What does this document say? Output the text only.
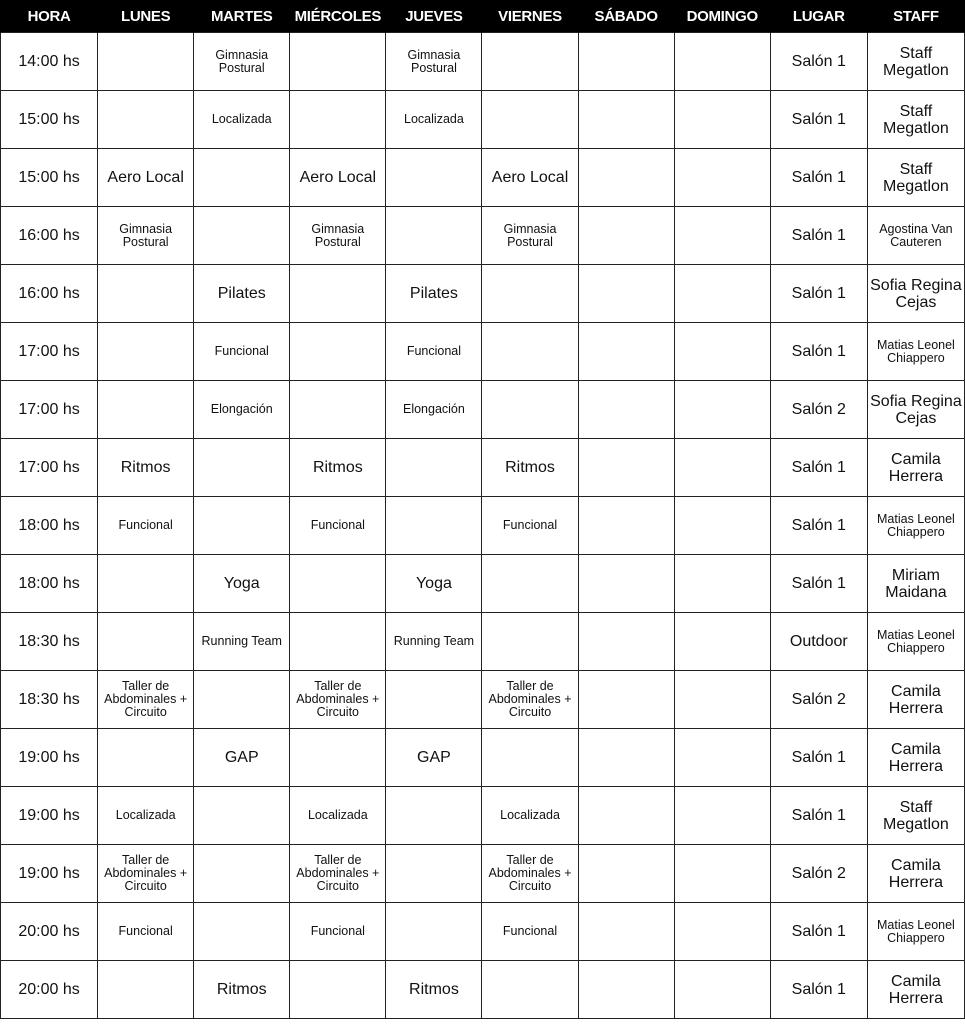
HORA	LUNES	MARTES	MIÉRCOLES	JUEVES	VIERNES	SÁBADO	DOMINGO	LUGAR	STAFF
14:00 hs		Gimnasia Postural		Gimnasia Postural				Salón 1	Staff Megatlon
15:00 hs		Localizada		Localizada				Salón 1	Staff Megatlon
15:00 hs	Aero Local		Aero Local		Aero Local			Salón 1	Staff Megatlon
16:00 hs	Gimnasia Postural		Gimnasia Postural		Gimnasia Postural			Salón 1	Agostina Van Cauteren
16:00 hs		Pilates		Pilates				Salón 1	Sofia Regina Cejas
17:00 hs		Funcional		Funcional				Salón 1	Matias Leonel Chiappero
17:00 hs		Elongación		Elongación				Salón 2	Sofia Regina Cejas
17:00 hs	Ritmos		Ritmos		Ritmos			Salón 1	Camila Herrera
18:00 hs	Funcional		Funcional		Funcional			Salón 1	Matias Leonel Chiappero
18:00 hs		Yoga		Yoga				Salón 1	Miriam Maidana
18:30 hs		Running Team		Running Team				Outdoor	Matias Leonel Chiappero
18:30 hs	Taller de Abdominales + Circuito		Taller de Abdominales + Circuito		Taller de Abdominales + Circuito			Salón 2	Camila Herrera
19:00 hs		GAP		GAP				Salón 1	Camila Herrera
19:00 hs	Localizada		Localizada		Localizada			Salón 1	Staff Megatlon
19:00 hs	Taller de Abdominales + Circuito		Taller de Abdominales + Circuito		Taller de Abdominales + Circuito			Salón 2	Camila Herrera
20:00 hs	Funcional		Funcional		Funcional			Salón 1	Matias Leonel Chiappero
20:00 hs		Ritmos		Ritmos				Salón 1	Camila Herrera
